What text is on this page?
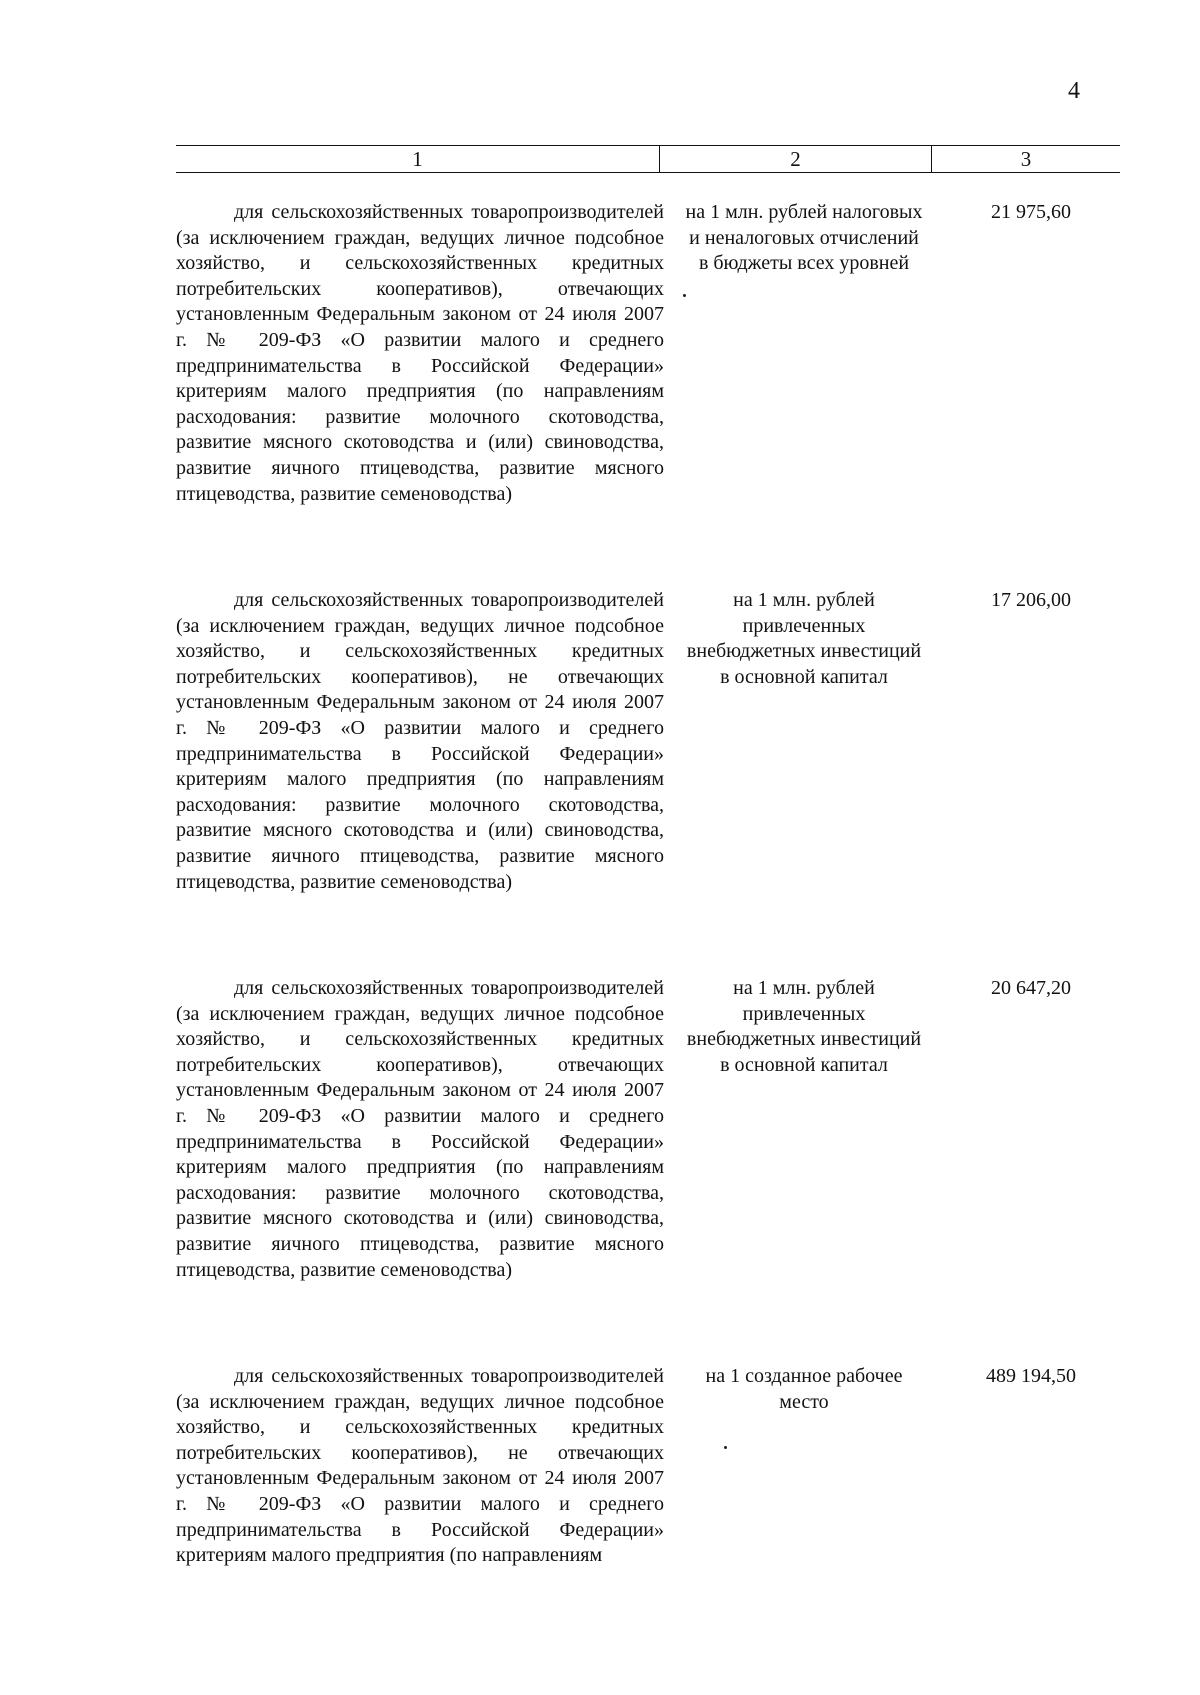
4
1	2	3
для сельскохозяйственных товаропроизводителей (за исключением граждан, ведущих личное подсобное хозяйство, и сельскохозяйственных кредитных потребительских кооперативов), отвечающих установленным Федеральным законом от 24 июля 2007 г. № 209-ФЗ «О развитии малого и среднего предпринимательства в Российской Федерации» критериям малого предприятия (по направлениям расходования: развитие молочного скотоводства, развитие мясного скотоводства и (или) свиноводства, развитие яичного птицеводства, развитие мясного птицеводства, развитие семеноводства)
на 1 млн. рублей налоговых и неналоговых отчислений в бюджеты всех уровней
21 975,60
для сельскохозяйственных товаропроизводителей (за исключением граждан, ведущих личное подсобное хозяйство, и сельскохозяйственных кредитных потребительских кооперативов), не отвечающих установленным Федеральным законом от 24 июля 2007 г. № 209-ФЗ «О развитии малого и среднего предпринимательства в Российской Федерации» критериям малого предприятия (по направлениям расходования: развитие молочного скотоводства, развитие мясного скотоводства и (или) свиноводства, развитие яичного птицеводства, развитие мясного птицеводства, развитие семеноводства)
на 1 млн. рублей привлеченных внебюджетных инвестиций в основной капитал
17 206,00
для сельскохозяйственных товаропроизводителей (за исключением граждан, ведущих личное подсобное хозяйство, и сельскохозяйственных кредитных потребительских кооперативов), отвечающих установленным Федеральным законом от 24 июля 2007 г. № 209-ФЗ «О развитии малого и среднего предпринимательства в Российской Федерации» критериям малого предприятия (по направлениям расходования: развитие молочного скотоводства, развитие мясного скотоводства и (или) свиноводства, развитие яичного птицеводства, развитие мясного птицеводства, развитие семеноводства)
на 1 млн. рублей привлеченных внебюджетных инвестиций в основной капитал
20 647,20
для сельскохозяйственных товаропроизводителей (за исключением граждан, ведущих личное подсобное хозяйство, и сельскохозяйственных кредитных потребительских кооперативов), не отвечающих установленным Федеральным законом от 24 июля 2007 г. № 209-ФЗ «О развитии малого и среднего предпринимательства в Российской Федерации» критериям малого предприятия (по направлениям
на 1 созданное рабочее место
489 194,50
